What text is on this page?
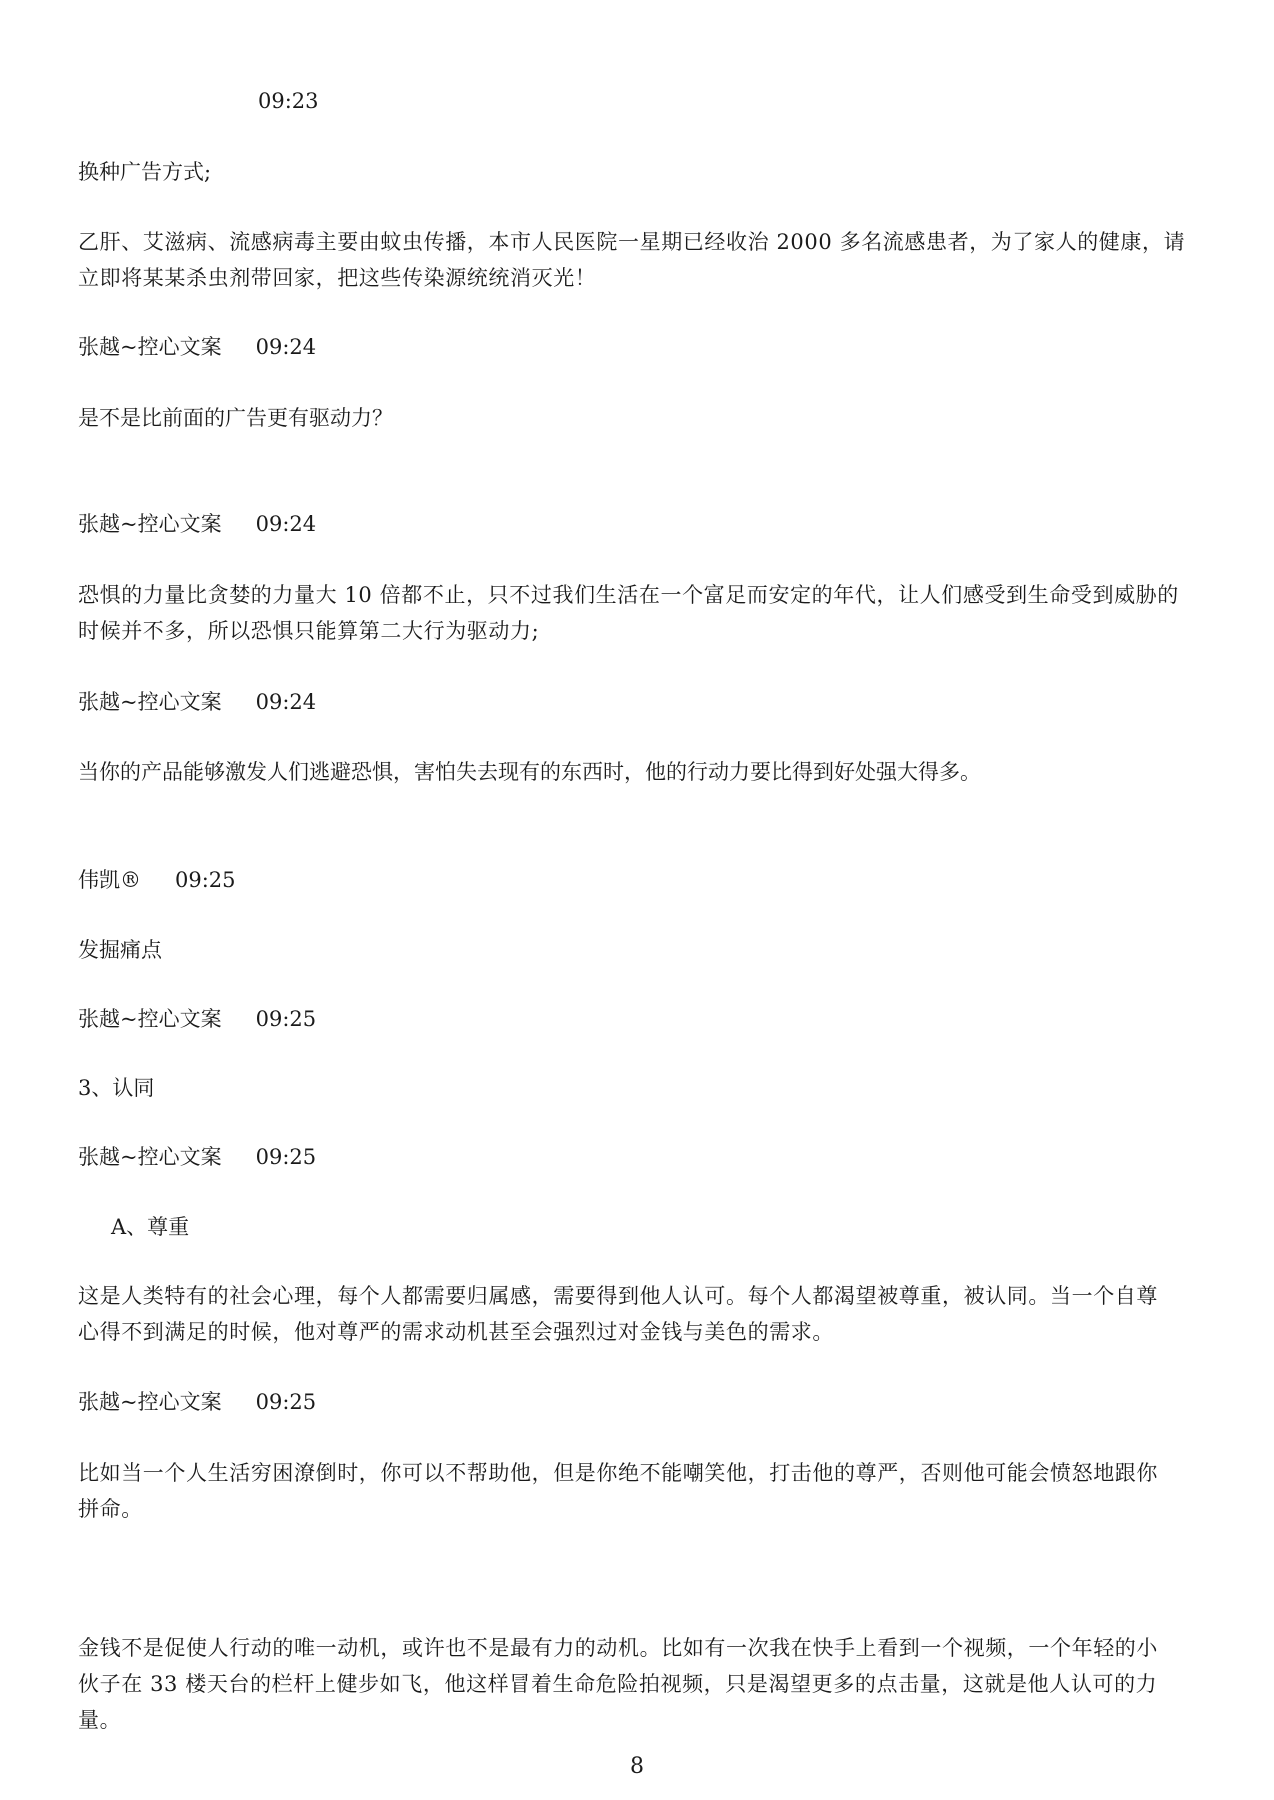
09:23
换种广告方式;
乙肝、艾滋病、流感病毒主要由蚊虫传播，本市人民医院一星期已经收治 2000 多名流感患者，为了家人的健康，请立即将某某杀虫剂带回家，把这些传染源统统消灭光！
张越~控心文案 09:24
是不是比前面的广告更有驱动力？
张越~控心文案 09:24
恐惧的力量比贪婪的力量大 10 倍都不止，只不过我们生活在一个富足而安定的年代，让人们感受到生命受到威胁的时候并不多，所以恐惧只能算第二大行为驱动力;
张越~控心文案 09:24
当你的产品能够激发人们逃避恐惧，害怕失去现有的东西时，他的行动力要比得到好处强大得多。
伟凯® 09:25
发掘痛点
张越~控心文案 09:25
3、认同
张越~控心文案 09:25
A、尊重
这是人类特有的社会心理，每个人都需要归属感，需要得到他人认可。每个人都渴望被尊重，被认同。当一个自尊　　心得不到满足的时候，他对尊严的需求动机甚至会强烈过对金钱与美色的需求。
张越~控心文案 09:25
比如当一个人生活穷困潦倒时，你可以不帮助他，但是你绝不能嘲笑他，打击他的尊严，否则他可能会愤怒地跟你　　拼命。
金钱不是促使人行动的唯一动机，或许也不是最有力的动机。比如有一次我在快手上看到一个视频，一个年轻的小　　伙子在 33 楼天台的栏杆上健步如飞，他这样冒着生命危险拍视频，只是渴望更多的点击量，这就是他人认可的力量。
8
